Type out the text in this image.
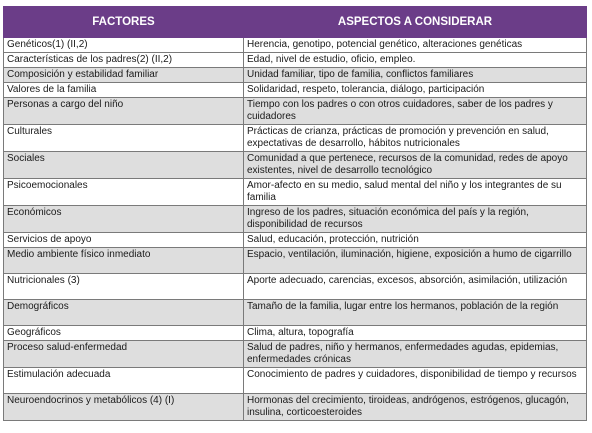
FACTORES	ASPECTOS A CONSIDERAR
Genéticos(1) (II,2)	Herencia, genotipo, potencial genético, alteraciones genéticas
Características de los padres(2) (II,2)	Edad, nivel de estudio, oficio, empleo.
Composición y estabilidad familiar	Unidad familiar, tipo de familia, conflictos familiares
Valores de la familia	Solidaridad, respeto, tolerancia, diálogo, participación
Personas a cargo del niño	Tiempo con los padres o con otros cuidadores, saber de los padres y cuidadores
Culturales	Prácticas de crianza, prácticas de promoción y prevención en salud, expectativas de desarrollo, hábitos nutricionales
Sociales	Comunidad a que pertenece, recursos de la comunidad, redes de apoyo existentes, nivel de desarrollo tecnológico
Psicoemocionales	Amor-afecto en su medio, salud mental del niño y los integrantes de su familia
Económicos	Ingreso de los padres, situación económica del país y la región, disponibilidad de recursos
Servicios de apoyo	Salud, educación, protección, nutrición
Medio ambiente físico inmediato	Espacio, ventilación, iluminación, higiene, exposición a humo de cigarrillo
Nutricionales (3)	Aporte adecuado, carencias, excesos, absorción, asimilación, utilización
Demográficos	Tamaño de la familia, lugar entre los hermanos, población de la región
Geográficos	Clima, altura, topografía
Proceso salud-enfermedad	Salud de padres, niño y hermanos, enfermedades agudas, epidemias, enfermedades crónicas
Estimulación adecuada	Conocimiento de padres y cuidadores, disponibilidad de tiempo y recursos
Neuroendocrinos y metabólicos (4) (I)	Hormonas del crecimiento, tiroideas, andrógenos, estrógenos, glucagón, insulina, corticoesteroides
